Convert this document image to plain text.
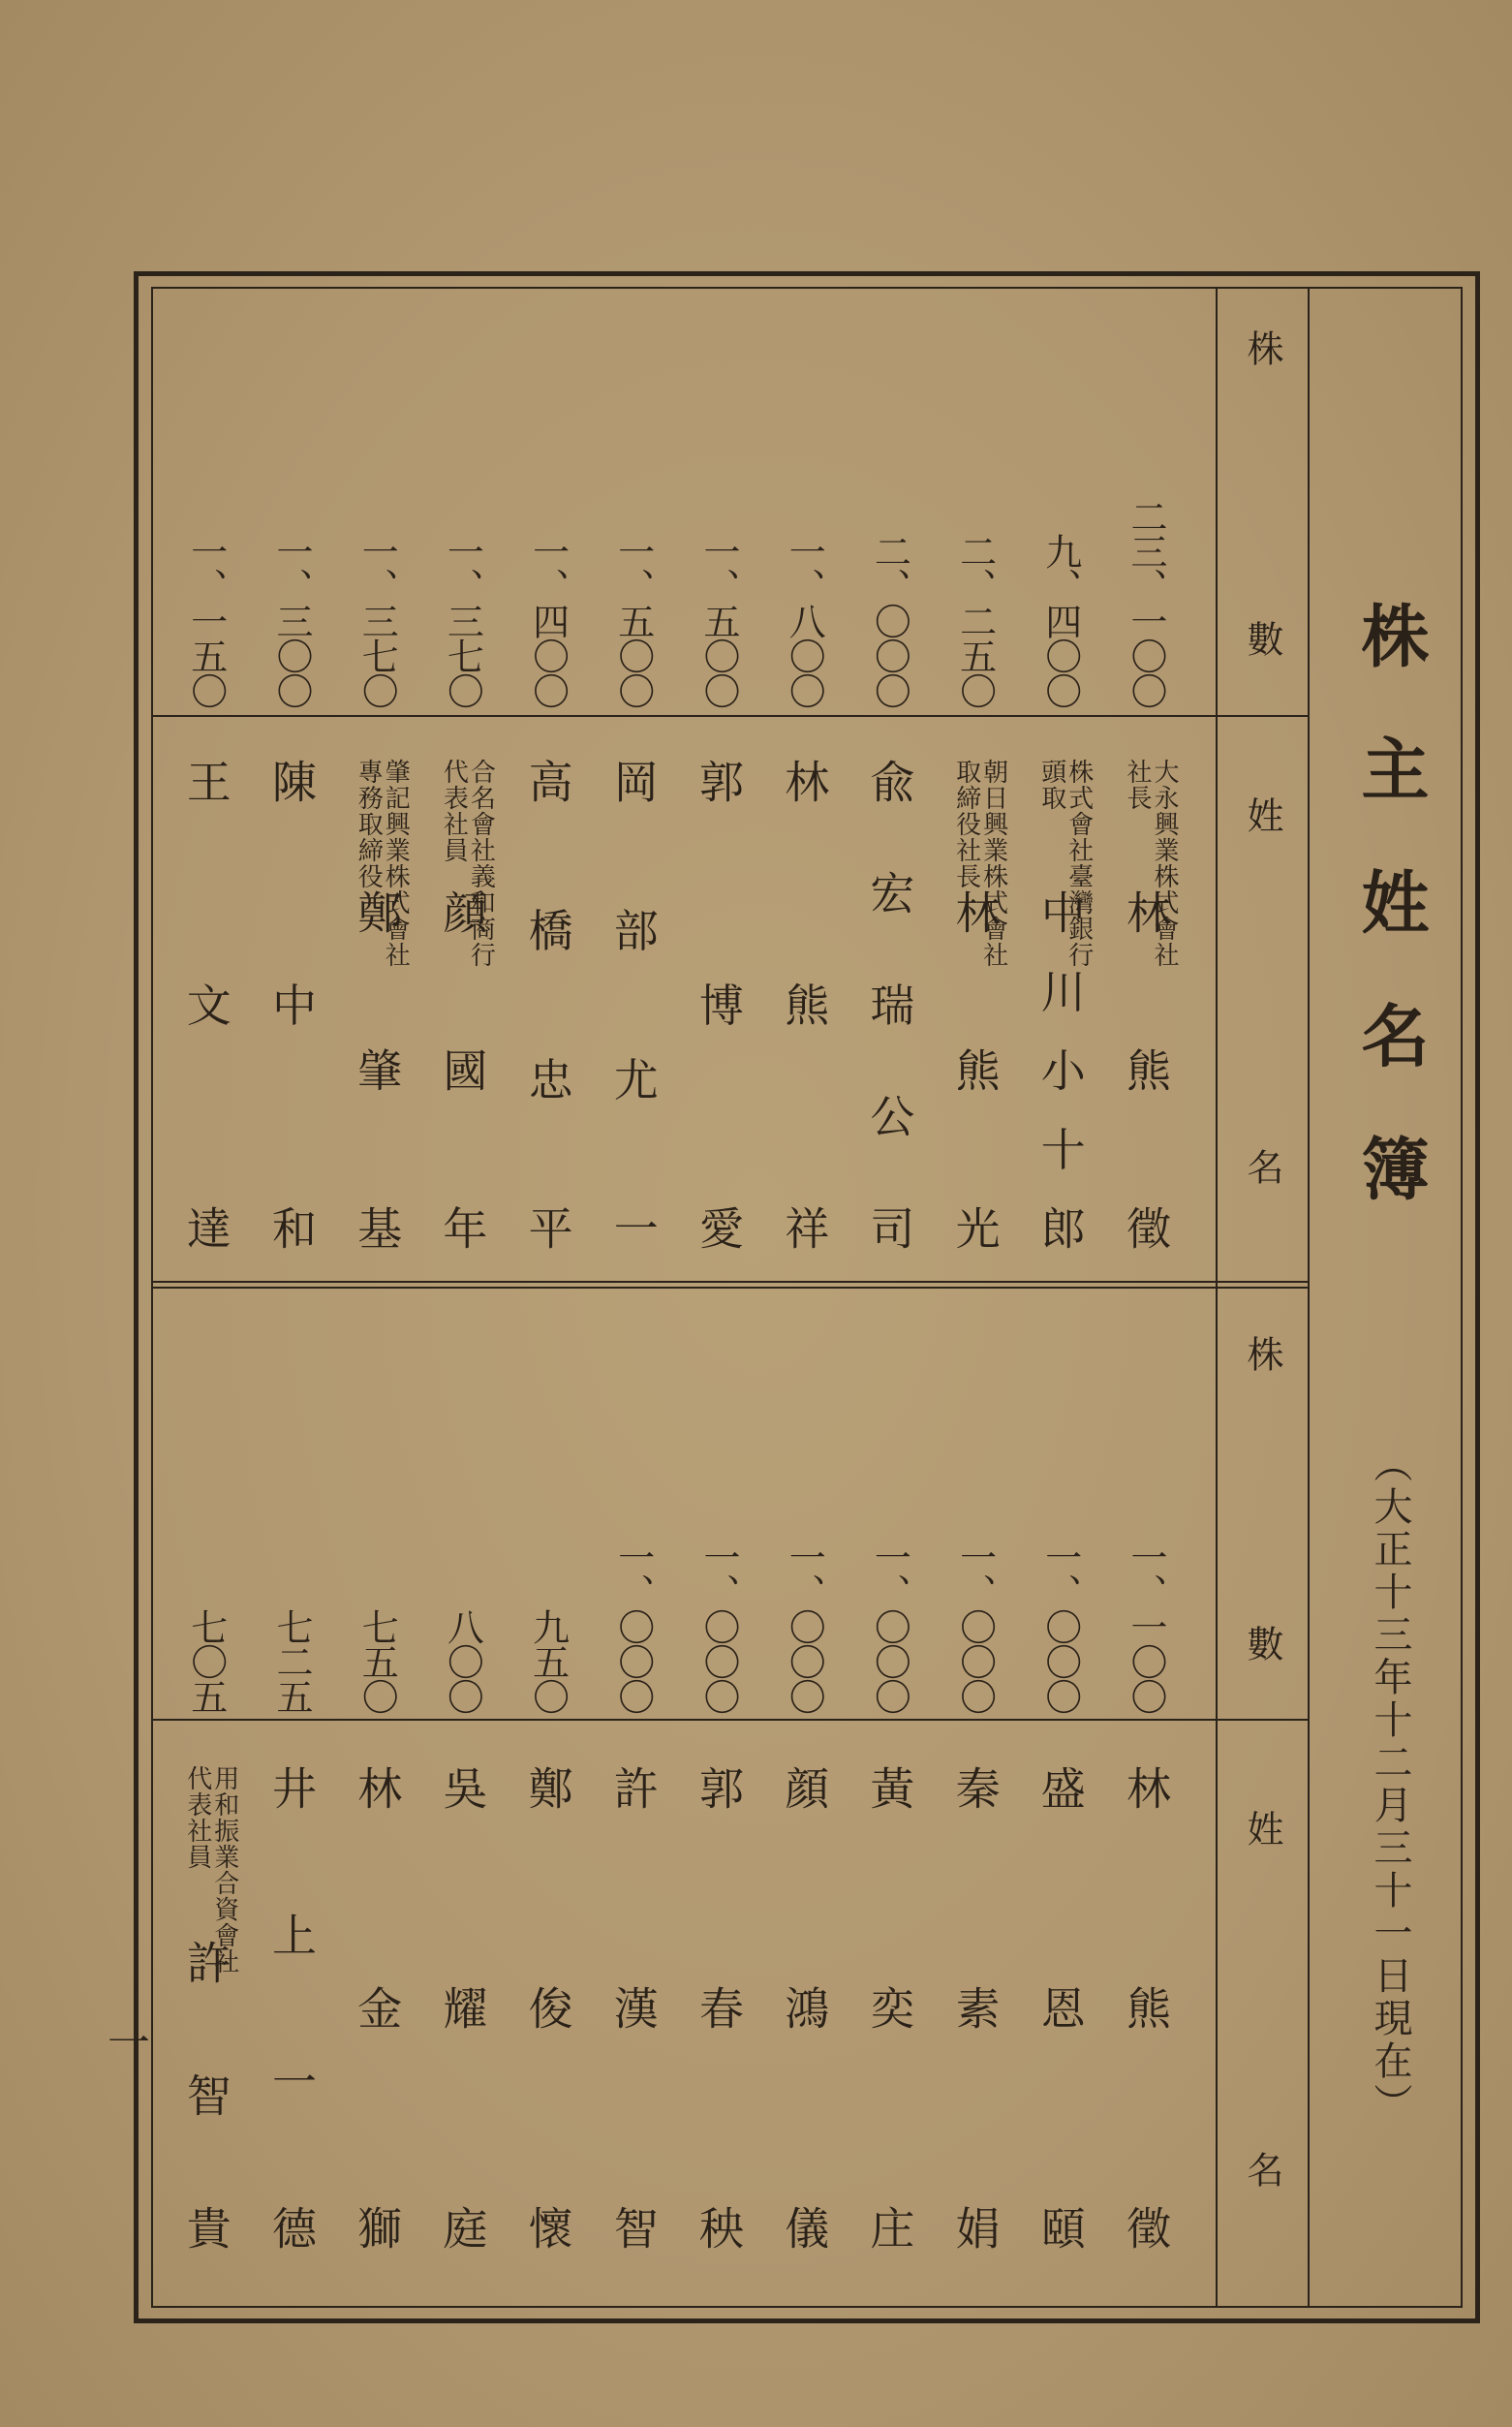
株主姓名簿
（大正十三年十二月三十一日現在）
株
數
姓
名
株
數
姓
名
二三、一〇〇
大永興業株式會社
社長
林熊徵
九、四〇〇
株式會社臺灣銀行
頭取
中川小十郎
二、二五〇
朝日興業株式會社
取締役社長
林熊光
二、〇〇〇
兪宏瑞公司
一、八〇〇
林熊祥
一、五〇〇
郭博愛
一、五〇〇
岡部尤一
一、四〇〇
高橋忠平
一、三七〇
合名會社義和商行
代表社員
顔國年
一、三七〇
肇記興業株式會社
專務取締役
鄭肇基
一、三〇〇
陳中和
一、一五〇
王文達
一、一〇〇
林熊徵
一、〇〇〇
盛恩頤
一、〇〇〇
秦素娟
一、〇〇〇
黃奕庄
一、〇〇〇
顔鴻儀
一、〇〇〇
郭春秧
一、〇〇〇
許漢智
九五〇
鄭俊懷
八〇〇
吳耀庭
七五〇
林金獅
七二五
井上一德
七〇五
用和振業合資會社
代表社員
許智貴
一
